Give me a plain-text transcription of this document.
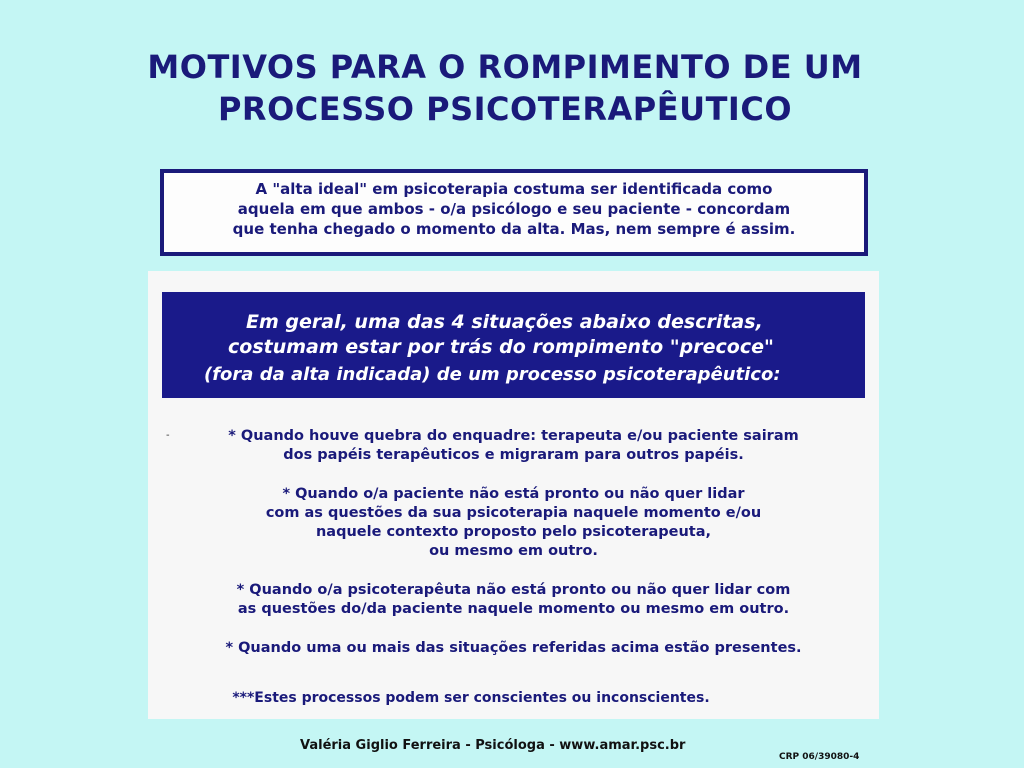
MOTIVOS PARA O ROMPIMENTO DE UM
PROCESSO PSICOTERAPÊUTICO
A "alta ideal" em psicoterapia costuma ser identificada como
aquela em que ambos - o/a psicólogo e seu paciente - concordam
que tenha chegado o momento da alta. Mas, nem sempre é assim.
Em geral, uma das 4 situações abaixo descritas,
costumam estar por trás do rompimento "precoce"
(fora da alta indicada) de um processo psicoterapêutico:
-	* Quando houve quebra do enquadre: terapeuta e/ou paciente sairam
dos papéis terapêuticos e migraram para outros papéis.
* Quando o/a paciente não está pronto ou não quer lidar
com as questões da sua psicoterapia naquele momento e/ou
naquele contexto proposto pelo psicoterapeuta,
ou mesmo em outro.
* Quando o/a psicoterapêuta não está pronto ou não quer lidar com
as questões do/da paciente naquele momento ou mesmo em outro.
* Quando uma ou mais das situações referidas acima estão presentes.
***Estes processos podem ser conscientes ou inconscientes.
Valéria Giglio Ferreira - Psicóloga - www.amar.psc.br
CRP 06/39080-4
